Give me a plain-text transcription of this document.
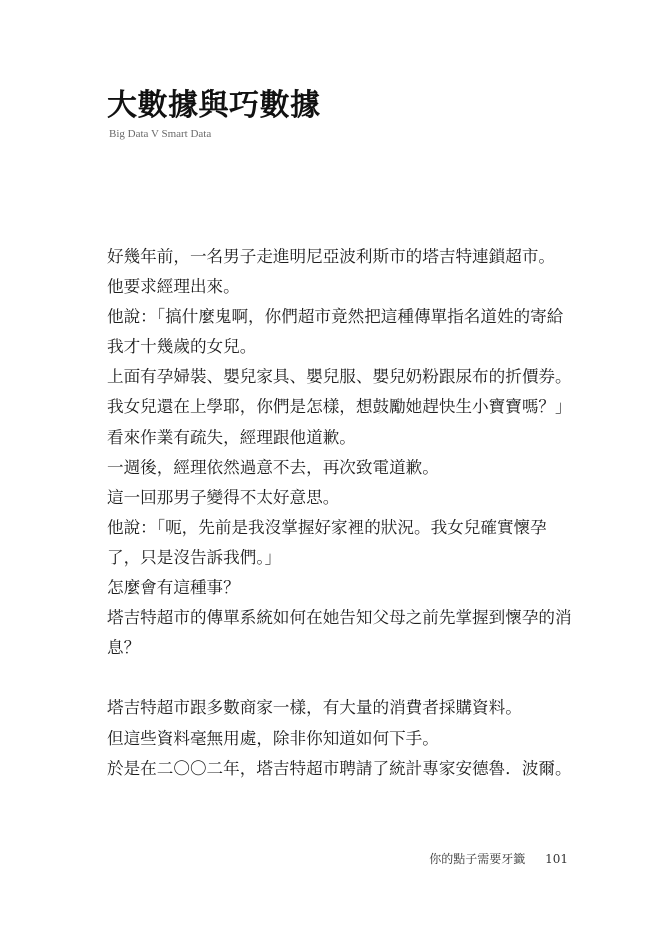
大數據與巧數據
Big Data V Smart Data
好幾年前，一名男子走進明尼亞波利斯市的塔吉特連鎖超市。
他要求經理出來。
他說：「搞什麼鬼啊，你們超市竟然把這種傳單指名道姓的寄給
我才十幾歲的女兒。
上面有孕婦裝、嬰兒家具、嬰兒服、嬰兒奶粉跟尿布的折價券。
我女兒還在上學耶，你們是怎樣，想鼓勵她趕快生小寶寶嗎？」
看來作業有疏失，經理跟他道歉。
一週後，經理依然過意不去，再次致電道歉。
這一回那男子變得不太好意思。
他說：「呃，先前是我沒掌握好家裡的狀況。我女兒確實懷孕
了，只是沒告訴我們。」
怎麼會有這種事？
塔吉特超市的傳單系統如何在她告知父母之前先掌握到懷孕的消
息？
塔吉特超市跟多數商家一樣，有大量的消費者採購資料。
但這些資料毫無用處，除非你知道如何下手。
於是在二〇〇二年，塔吉特超市聘請了統計專家安德魯．波爾。
你的點子需要牙籤 101
